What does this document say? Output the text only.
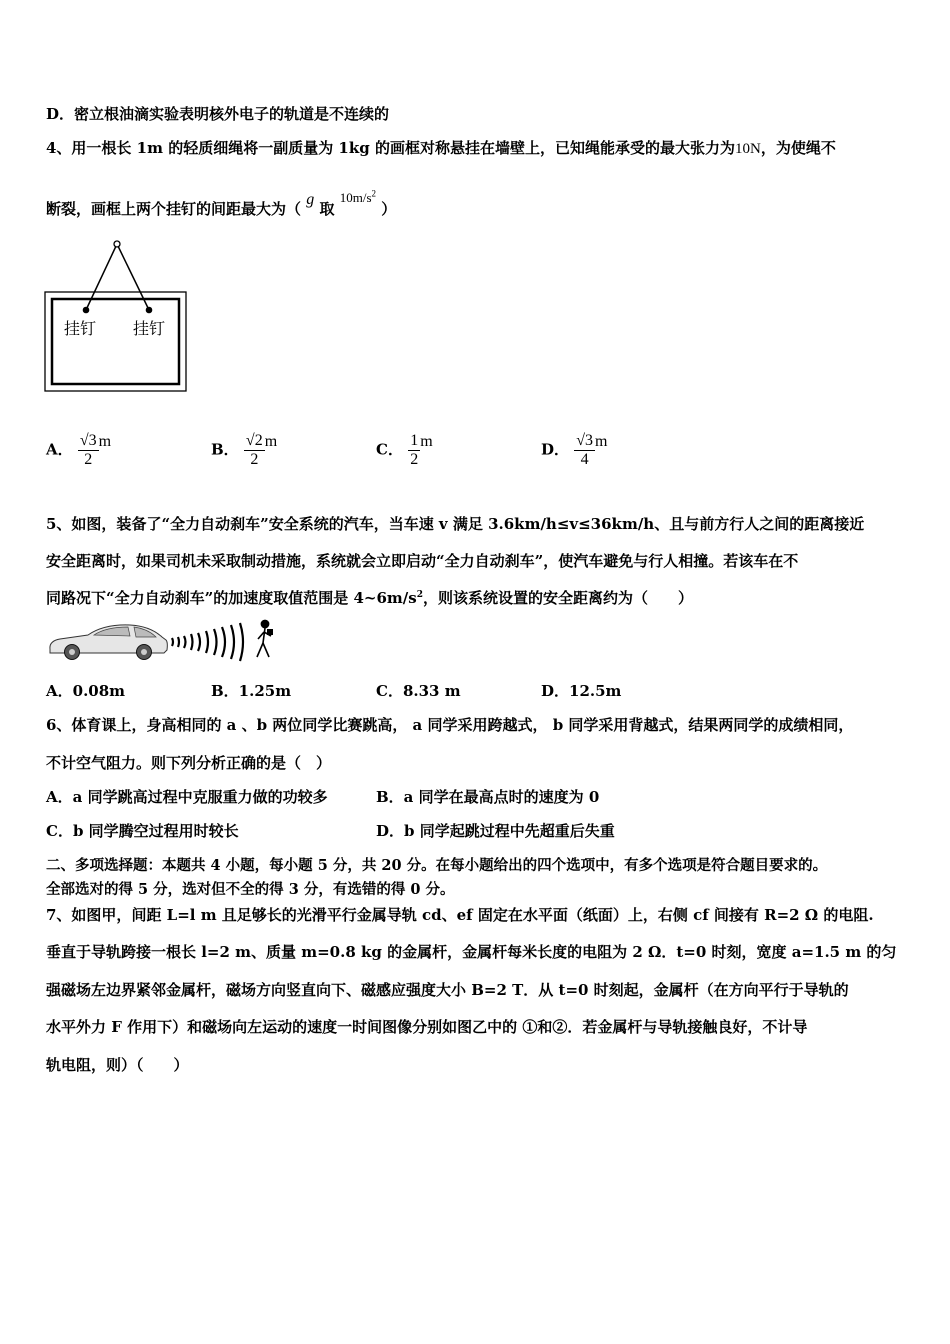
D．密立根油滴实验表明核外电子的轨道是不连续的
4、用一根长 1m 的轻质细绳将一副质量为 1kg 的画框对称悬挂在墙壁上，已知绳能承受的最大张力为10N，为使绳不
断裂，画框上两个挂钉的间距最大为（ g 取 $10m/s^2$ ）
挂钉 挂钉
A． $\frac{√3}{2}$ m	B． $\frac{√2}{2}$ m	C． $\frac{1}{2}$ m	D． $\frac{√3}{4}$ m
5、如图，装备了“全力自动刹车”安全系统的汽车，当车速 v 满足 3.6km/h≤v≤36km/h、且与前方行人之间的距离接近
安全距离时，如果司机未采取制动措施，系统就会立即启动“全力自动刹车”，使汽车避免与行人相撞。若该车在不
同路况下“全力自动刹车”的加速度取值范围是 $4\sim 6m/s^2$，则该系统设置的安全距离约为（　　）
A．0.08m	B．1.25m	C．8.33 m	D．12.5m
6、体育课上，身高相同的 a 、b 两位同学比赛跳高， a 同学采用跨越式， b 同学采用背越式，结果两同学的成绩相同，
不计空气阻力。则下列分析正确的是（　）
A．a 同学跳高过程中克服重力做的功较多	B．a 同学在最高点时的速度为 0
C．b 同学腾空过程用时较长	D．b 同学起跳过程中先超重后失重
二、多项选择题：本题共 4 小题，每小题 5 分，共 20 分。在每小题给出的四个选项中，有多个选项是符合题目要求的。
全部选对的得 5 分，选对但不全的得 3 分，有选错的得 0 分。
7、如图甲，间距 L=l m 且足够长的光滑平行金属导轨 cd、ef 固定在水平面（纸面）上，右侧 cf 间接有 R=2 Ω 的电阻.
垂直于导轨跨接一根长 l=2 m、质量 m=0.8 kg 的金属杆，金属杆每米长度的电阻为 2 Ω．t=0 时刻，宽度 a=1.5 m 的匀
强磁场左边界紧邻金属杆，磁场方向竖直向下、磁感应强度大小 B=2 T．从 t=0 时刻起，金属杆（在方向平行于导轨的
水平外力 F 作用下）和磁场向左运动的速度一时间图像分别如图乙中的 ①和②．若金属杆与导轨接触良好，不计导
轨电阻，则）（　　）
